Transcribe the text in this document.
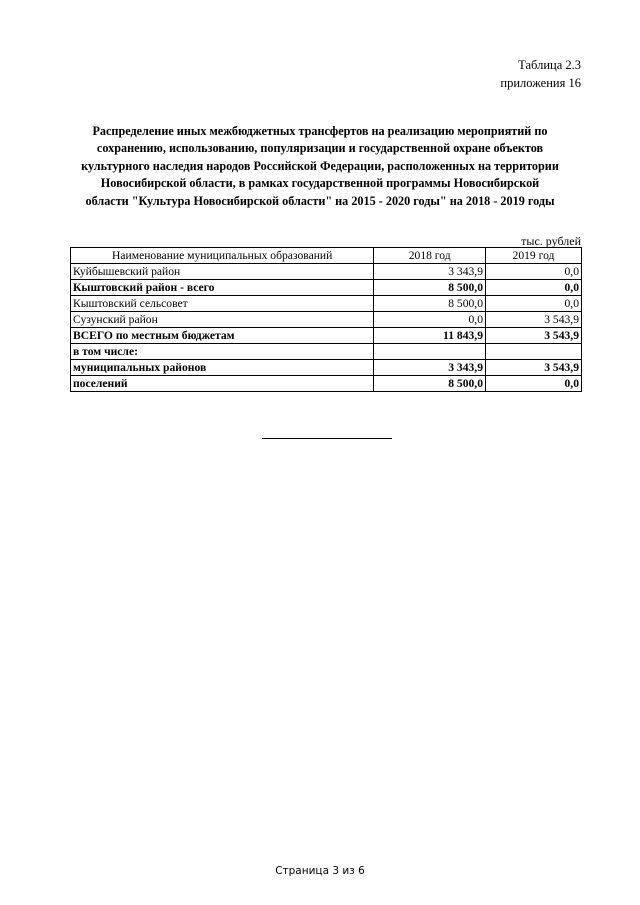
Таблица 2.3
приложения 16
Распределение иных межбюджетных трансфертов на реализацию мероприятий по
сохранению, использованию, популяризации и государственной охране объектов
культурного наследия народов Российской Федерации, расположенных на территории
Новосибирской области, в рамках государственной программы Новосибирской
области "Культура Новосибирской области" на 2015 - 2020 годы" на 2018 - 2019 годы
тыс. рублей
Наименование муниципальных образований	2018 год	2019 год
Куйбышевский район	3 343,9	0,0
Кыштовский район - всего	8 500,0	0,0
Кыштовский сельсовет	8 500,0	0,0
Сузунский район	0,0	3 543,9
ВСЕГО по местным бюджетам	11 843,9	3 543,9
в том числе:		
муниципальных районов	3 343,9	3 543,9
поселений	8 500,0	0,0
Страница 3 из 6
